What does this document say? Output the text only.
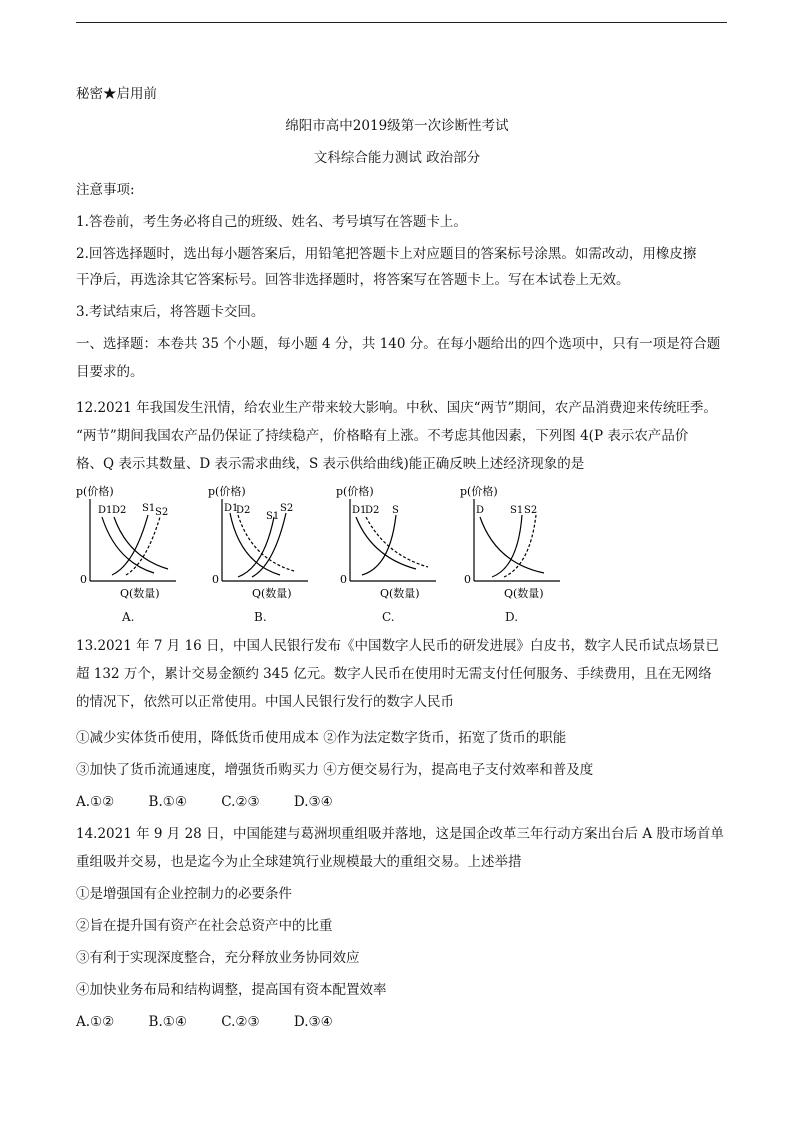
秘密★启用前
绵阳市高中2019级第一次诊断性考试
文科综合能力测试 政治部分
注意事项:
1.答卷前，考生务必将自己的班级、姓名、考号填写在答题卡上。
2.回答选择题时，选出每小题答案后，用铅笔把答题卡上对应题目的答案标号涂黑。如需改动，用橡皮擦
干净后，再选涂其它答案标号。回答非选择题时，将答案写在答题卡上。写在本试卷上无效。
3.考试结束后，将答题卡交回。
一、选择题：本卷共 35 个小题，每小题 4 分，共 140 分。在每小题给出的四个选项中，只有一项是符合题
目要求的。
12.2021 年我国发生汛情，给农业生产带来较大影响。中秋、国庆“两节”期间，农产品消费迎来传统旺季。
“两节”期间我国农产品仍保证了持续稳产，价格略有上涨。不考虑其他因素，下列图 4(P 表示农产品价
格、Q 表示其数量、D 表示需求曲线，S 表示供给曲线)能正确反映上述经济现象的是
p(价格)
0
Q(数量)
D1 D2 S1 S2
A.
p(价格)
0
Q(数量)
D1
D2
S1
S2
B.
p(价格)
0
Q(数量)
D1
D2 S
C.
p(价格)
0
Q(数量)
D	S1 S2
D.
13.2021 年 7 月 16 日，中国人民银行发布《中国数字人民币的研发进展》白皮书，数字人民币试点场景已
超 132 万个，累计交易金额约 345 亿元。数字人民币在使用时无需支付任何服务、手续费用，且在无网络
的情况下，依然可以正常使用。中国人民银行发行的数字人民币
①减少实体货币使用，降低货币使用成本 ②作为法定数字货币，拓宽了货币的职能
③加快了货币流通速度，增强货币购买力 ④方便交易行为，提高电子支付效率和普及度
A.①②	B.①④	C.②③	D.③④
14.2021 年 9 月 28 日，中国能建与葛洲坝重组吸并落地，这是国企改革三年行动方案出台后 A 股市场首单
重组吸并交易，也是迄今为止全球建筑行业规模最大的重组交易。上述举措
①是增强国有企业控制力的必要条件
②旨在提升国有资产在社会总资产中的比重
③有利于实现深度整合，充分释放业务协同效应
④加快业务布局和结构调整，提高国有资本配置效率
A.①②	B.①④	C.②③	D.③④
